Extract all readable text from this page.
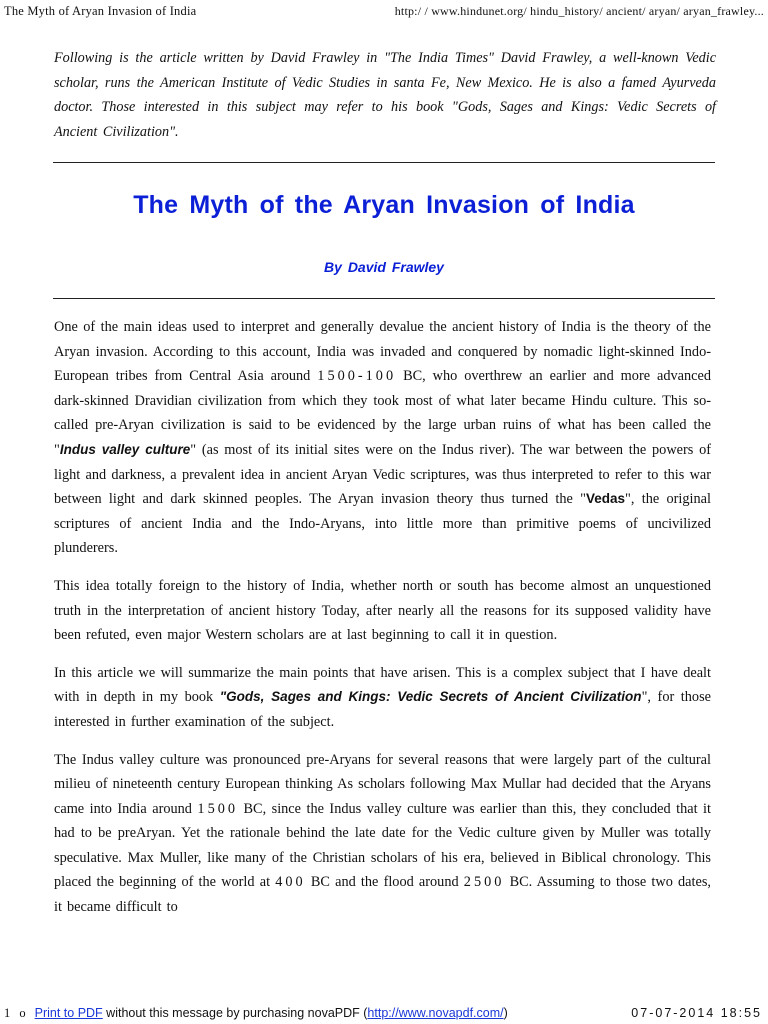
The Myth of Aryan Invasion of India	http:/ / www.hindunet.org/ hindu_history/ ancient/ aryan/ aryan_frawley...
Following is the article written by David Frawley in "The India Times" David Frawley, a well-known Vedic scholar, runs the American Institute of Vedic Studies in santa Fe, New Mexico. He is also a famed Ayurveda doctor. Those interested in this subject may refer to his book "Gods, Sages and Kings: Vedic Secrets of Ancient Civilization".
The Myth of the Aryan Invasion of India
By David Frawley

One of the main ideas used to interpret and generally devalue the ancient history of India is the theory of the Aryan invasion. According to this account, India was invaded and conquered by nomadic light-skinned Indo-European tribes from Central Asia around 1500-100 BC, who overthrew an earlier and more advanced dark-skinned Dravidian civilization from which they took most of what later became Hindu culture. This so-called pre-Aryan civilization is said to be evidenced by the large urban ruins of what has been called the "Indus valley culture" (as most of its initial sites were on the Indus river). The war between the powers of light and darkness, a prevalent idea in ancient Aryan Vedic scriptures, was thus interpreted to refer to this war between light and dark skinned peoples. The Aryan invasion theory thus turned the "Vedas", the original scriptures of ancient India and the Indo-Aryans, into little more than primitive poems of uncivilized plunderers.

This idea totally foreign to the history of India, whether north or south has become almost an unquestioned truth in the interpretation of ancient history Today, after nearly all the reasons for its supposed validity have been refuted, even major Western scholars are at last beginning to call it in question.

In this article we will summarize the main points that have arisen. This is a complex subject that I have dealt with in depth in my book "Gods, Sages and Kings: Vedic Secrets of Ancient Civilization", for those interested in further examination of the subject.

The Indus valley culture was pronounced pre-Aryans for several reasons that were largely part of the cultural milieu of nineteenth century European thinking As scholars following Max Mullar had decided that the Aryans came into India around 1500 BC, since the Indus valley culture was earlier than this, they concluded that it had to be preAryan. Yet the rationale behind the late date for the Vedic culture given by Muller was totally speculative. Max Muller, like many of the Christian scholars of his era, believed in Biblical chronology. This placed the beginning of the world at 400 BC and the flood around 2500 BC. Assuming to those two dates, it became difficult to

1 o Print to PDF without this message by purchasing novaPDF (http://www.novapdf.com/)	07-07-2014 18:55
